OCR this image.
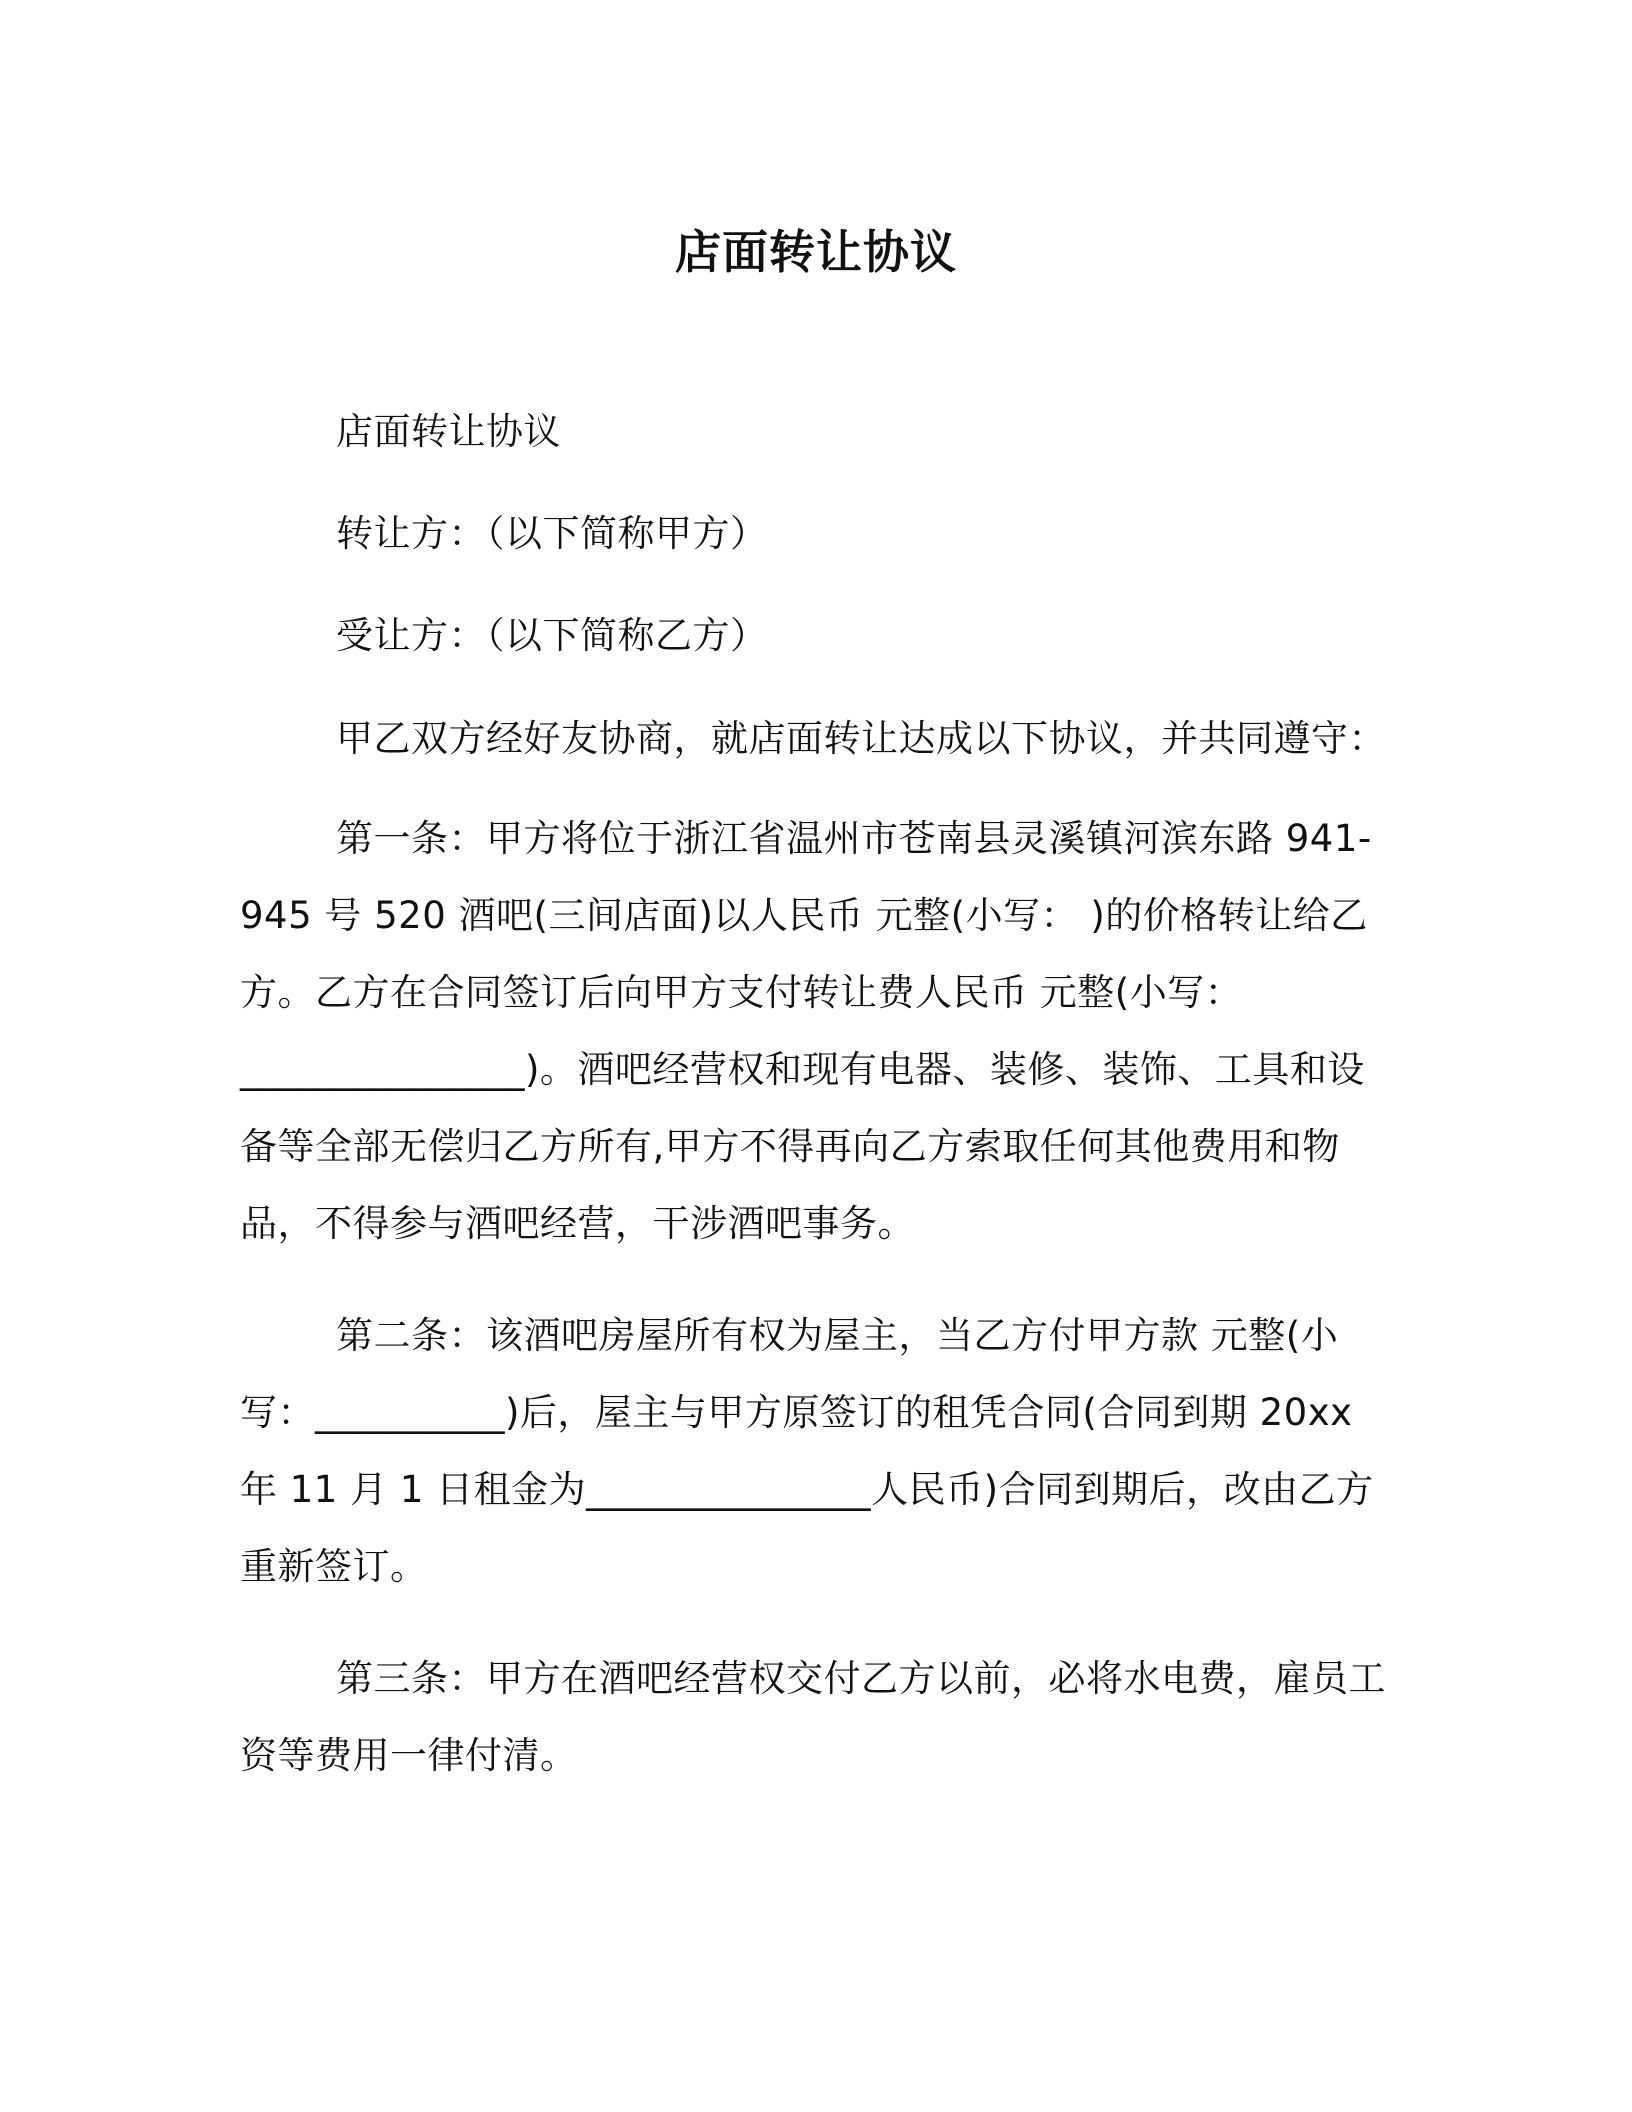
店面转让协议

店面转让协议

转让方：（以下简称甲方）

受让方：（以下简称乙方）

甲乙双方经好友协商，就店面转让达成以下协议，并共同遵守：

第一条：甲方将位于浙江省温州市苍南县灵溪镇河滨东路 941-945 号 520 酒吧(三间店面)以人民币 元整(小写： )的价格转让给乙方。乙方在合同签订后向甲方支付转让费人民币 元整(小写：_______________)。酒吧经营权和现有电器、装修、装饰、工具和设备等全部无偿归乙方所有,甲方不得再向乙方索取任何其他费用和物品，不得参与酒吧经营，干涉酒吧事务。

第二条：该酒吧房屋所有权为屋主，当乙方付甲方款 元整(小写：__________)后，屋主与甲方原签订的租凭合同(合同到期 20xx 年 11 月 1 日租金为_______________人民币)合同到期后，改由乙方重新签订。

第三条：甲方在酒吧经营权交付乙方以前，必将水电费，雇员工资等费用一律付清。
